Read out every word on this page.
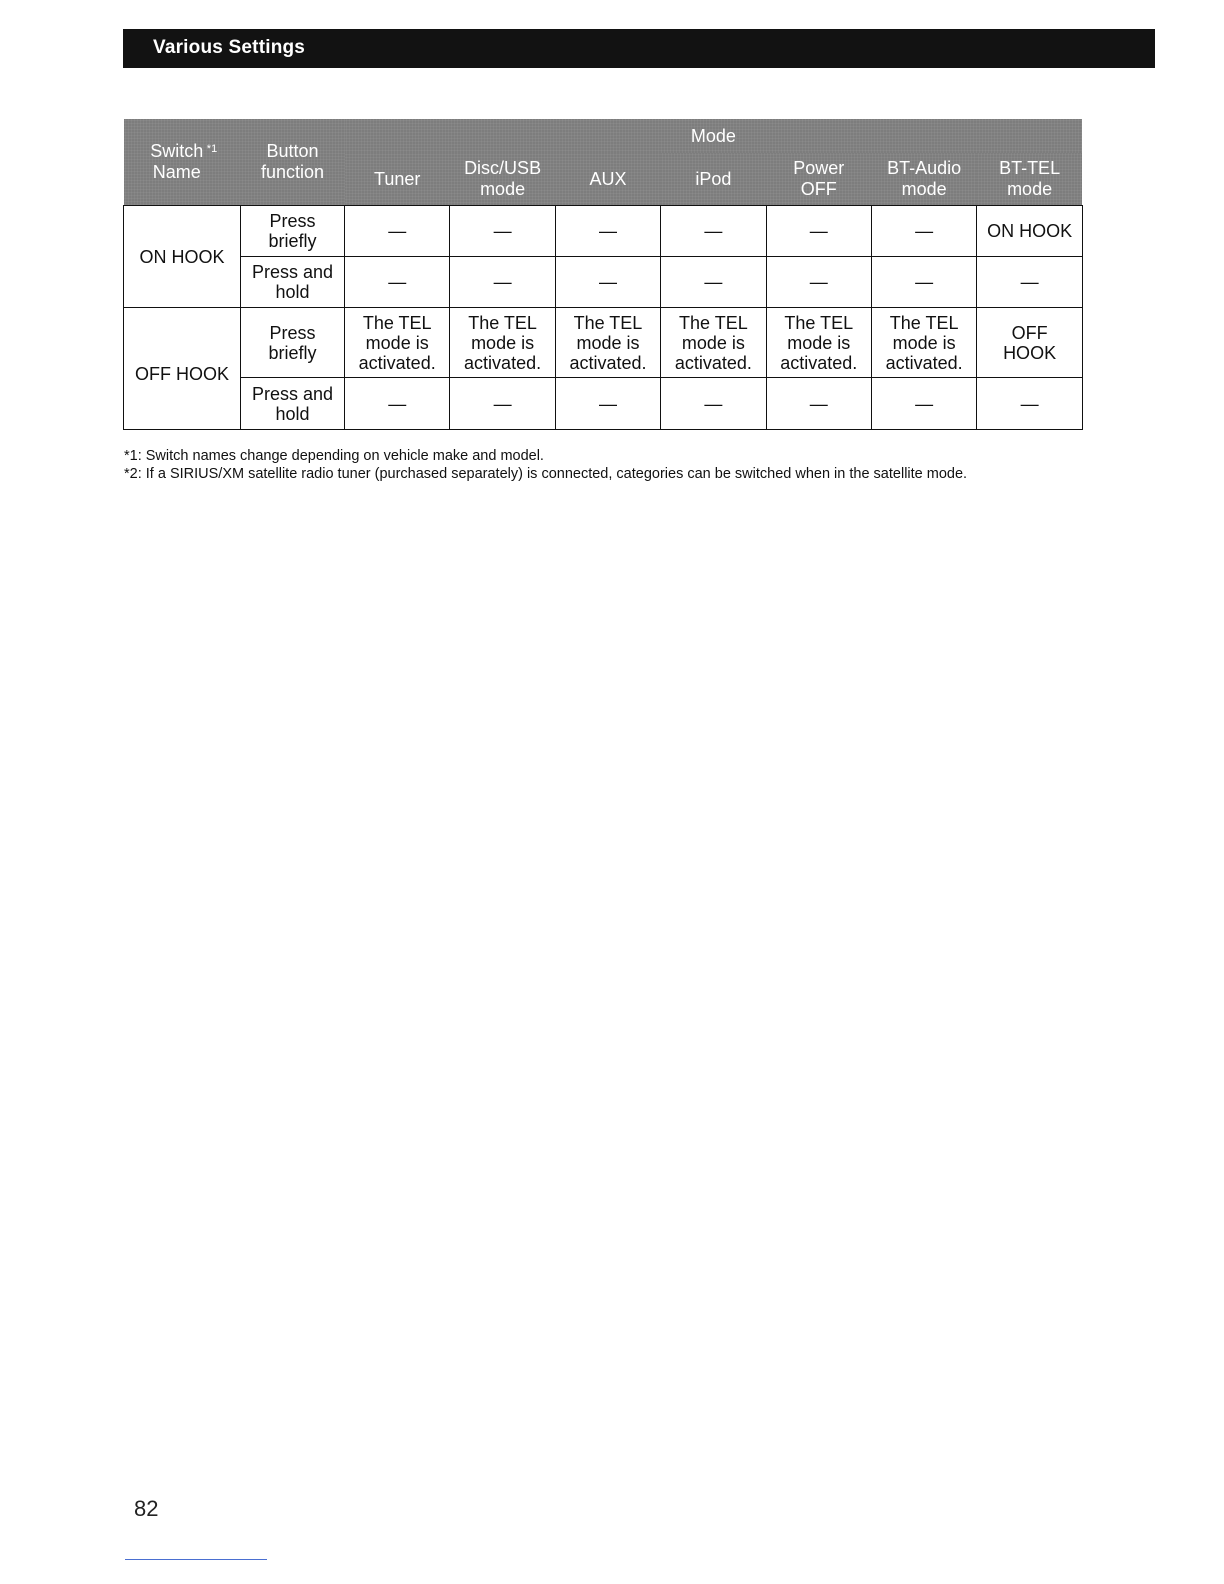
Various Settings
Switch Name$^{*1}$	Button function	Mode						
		Tuner	Disc/USB mode	AUX	iPod	Power OFF	BT-Audio mode	BT-TEL mode
ON HOOK	Press briefly	—	—	—	—	—	—	ON HOOK
	Press and hold	—	—	—	—	—	—	—
OFF HOOK	Press briefly	The TEL mode is activated.	The TEL mode is activated.	The TEL mode is activated.	The TEL mode is activated.	The TEL mode is activated.	The TEL mode is activated.	OFF HOOK
	Press and hold	—	—	—	—	—	—	—
*1: Switch names change depending on vehicle make and model.
*2: If a SIRIUS/XM satellite radio tuner (purchased separately) is connected, categories can be switched when in the satellite mode.
82
